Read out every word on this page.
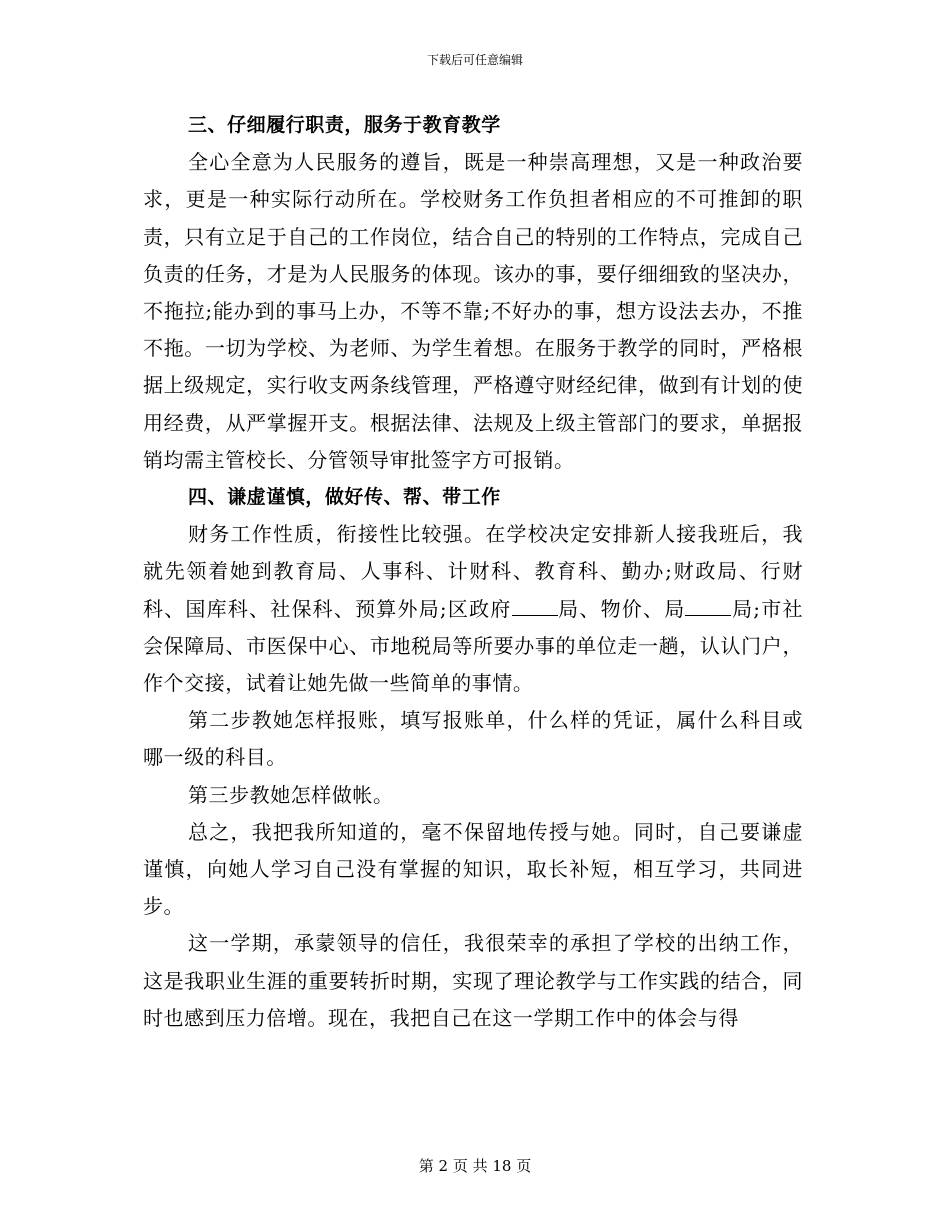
下载后可任意编辑

三、仔细履行职责，服务于教育教学

全心全意为人民服务的遵旨，既是一种崇高理想，又是一种政治要求，更是一种实际行动所在。学校财务工作负担者相应的不可推卸的职责，只有立足于自己的工作岗位，结合自己的特别的工作特点，完成自己负责的任务，才是为人民服务的体现。该办的事，要仔细细致的坚决办，不拖拉;能办到的事马上办，不等不靠;不好办的事，想方设法去办，不推不拖。一切为学校、为老师、为学生着想。在服务于教学的同时，严格根据上级规定，实行收支两条线管理，严格遵守财经纪律，做到有计划的使用经费，从严掌握开支。根据法律、法规及上级主管部门的要求，单据报销均需主管校长、分管领导审批签字方可报销。

四、谦虚谨慎，做好传、帮、带工作

财务工作性质，衔接性比较强。在学校决定安排新人接我班后，我就先领着她到教育局、人事科、计财科、教育科、勤办;财政局、行财科、国库科、社保科、预算外局;区政府 局、物价、局 局;市社会保障局、市医保中心、市地税局等所要办事的单位走一趟，认认门户，作个交接，试着让她先做一些简单的事情。

第二步教她怎样报账，填写报账单，什么样的凭证，属什么科目或哪一级的科目。

第三步教她怎样做帐。

总之，我把我所知道的，毫不保留地传授与她。同时，自己要谦虚谨慎，向她人学习自己没有掌握的知识，取长补短，相互学习，共同进步。

这一学期，承蒙领导的信任，我很荣幸的承担了学校的出纳工作，这是我职业生涯的重要转折时期，实现了理论教学与工作实践的结合，同时也感到压力倍增。现在，我把自己在这一学期工作中的体会与得

第 2 页 共 18 页
